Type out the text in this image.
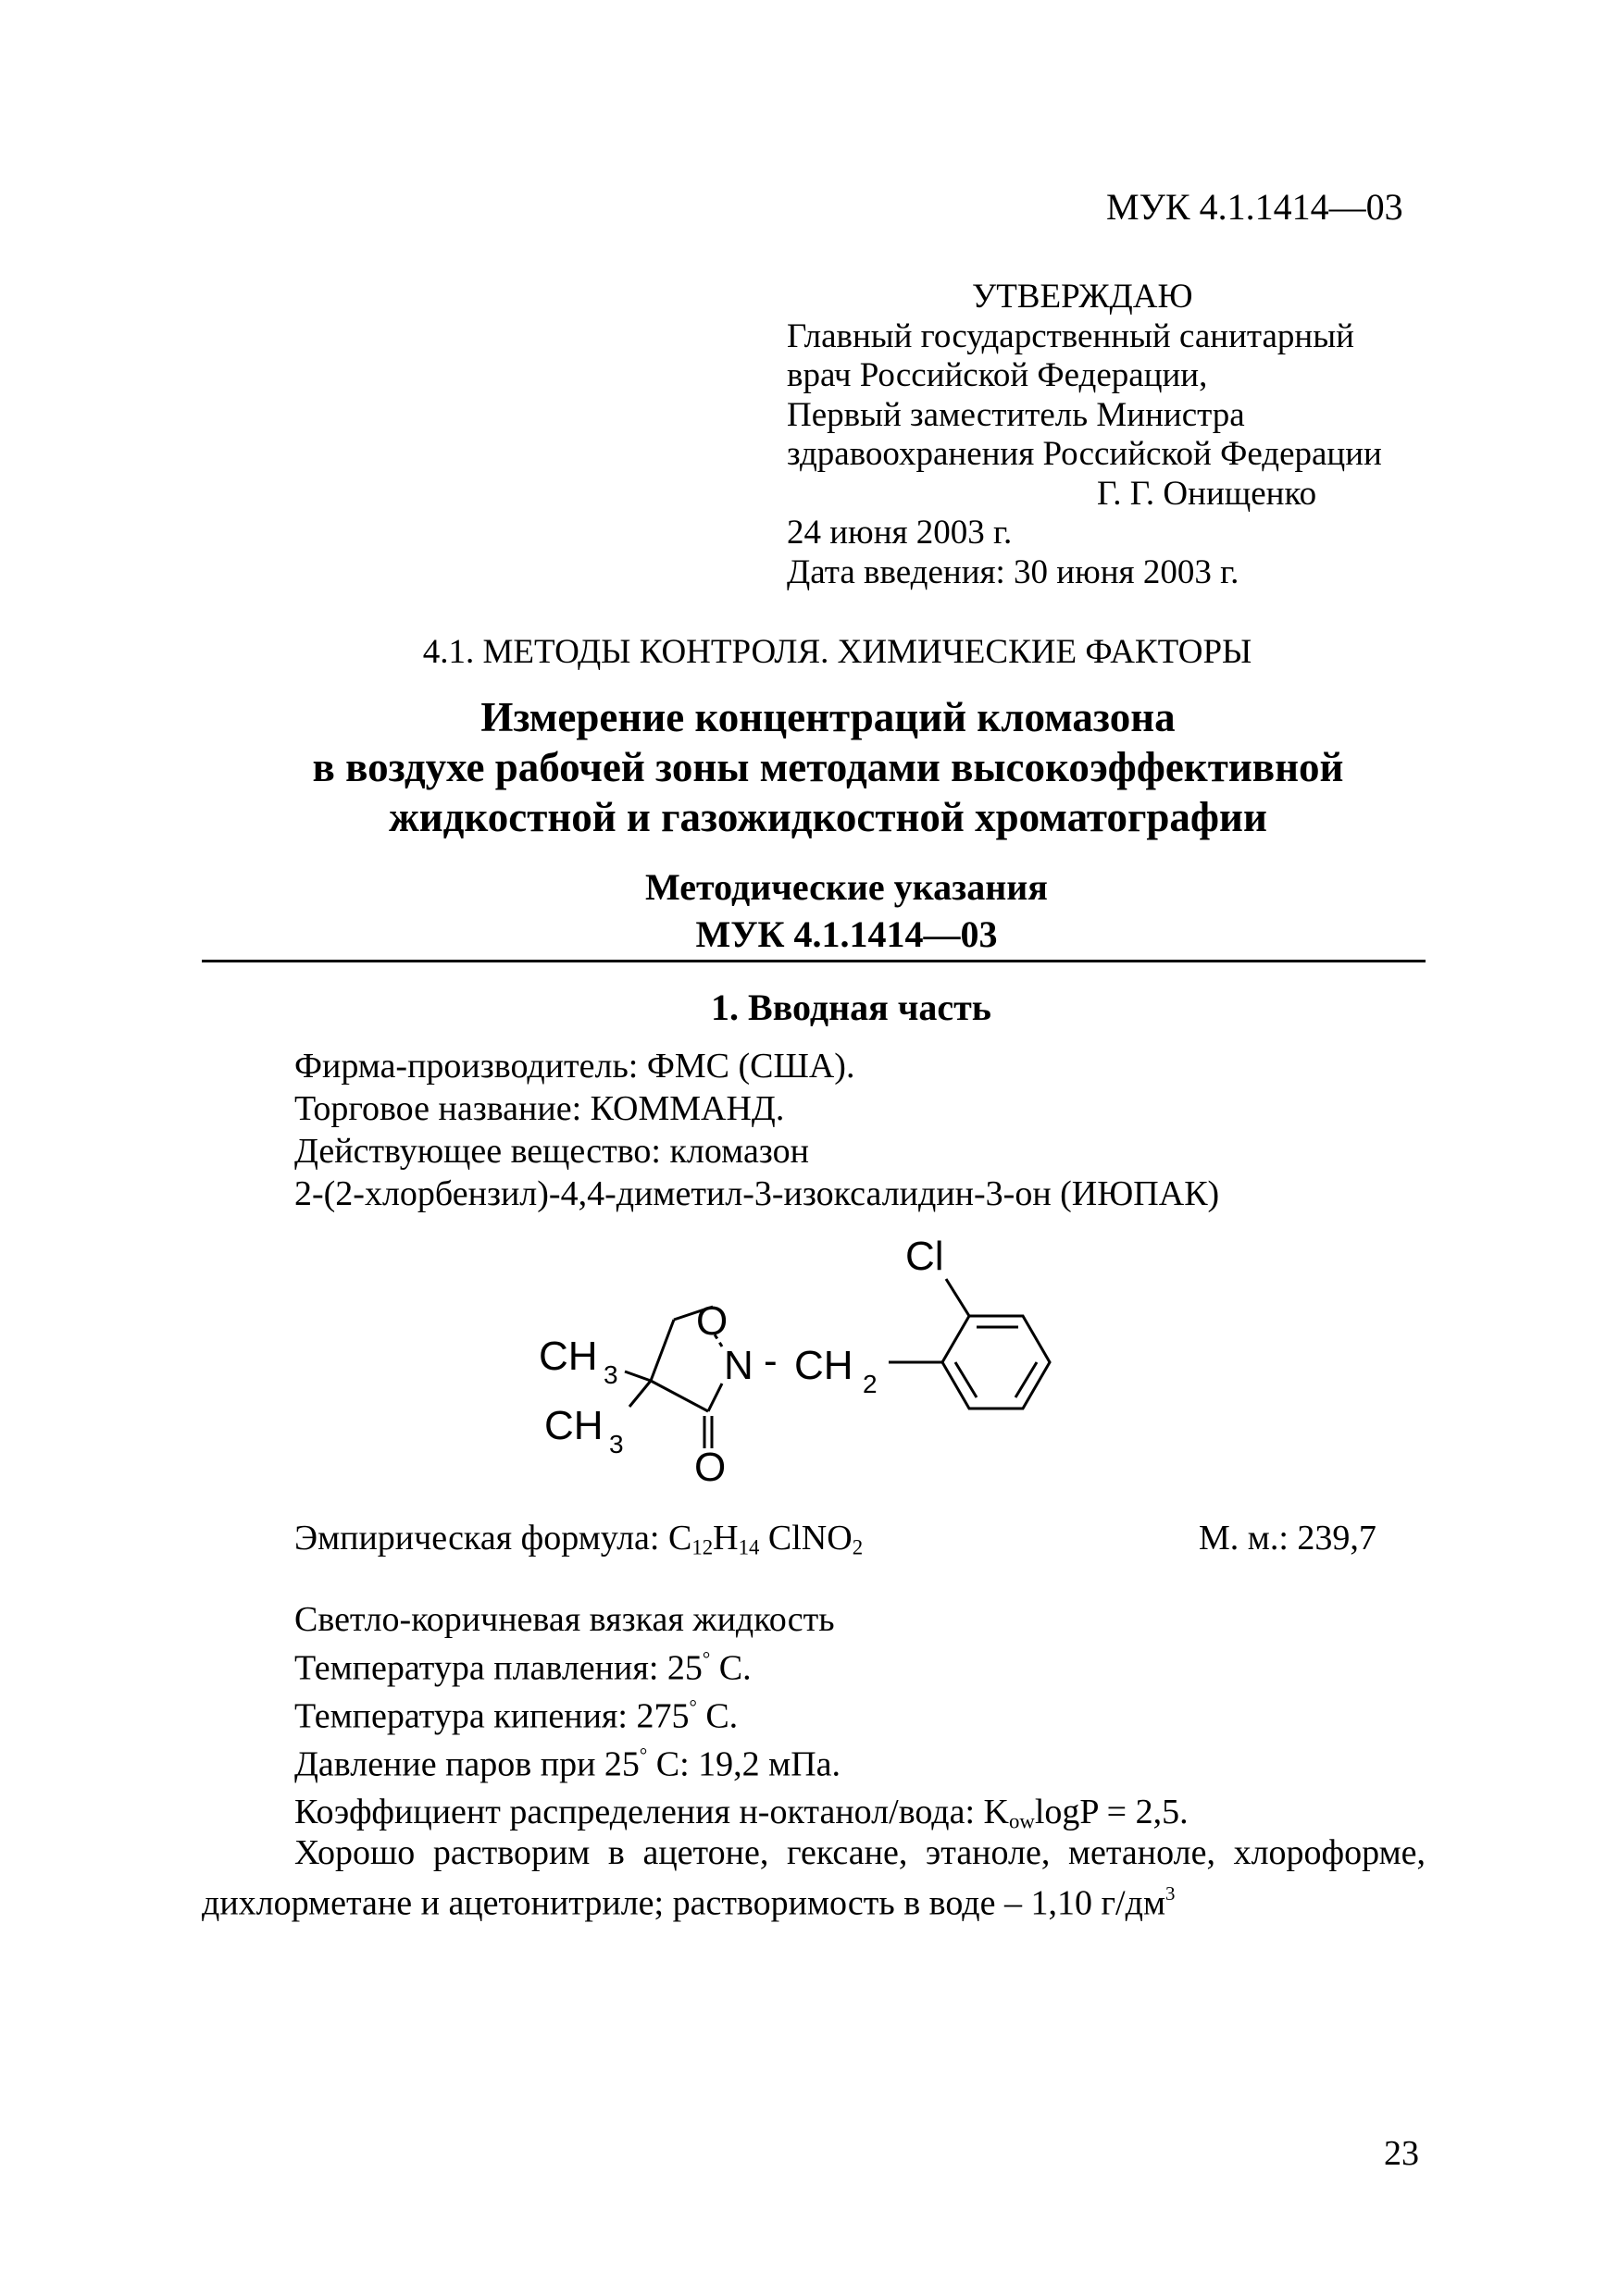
МУК 4.1.1414—03
УТВЕРЖДАЮ
Главный государственный санитарный
врач Российской Федерации,
Первый заместитель Министра
здравоохранения Российской Федерации
Г. Г. Онищенко
24 июня 2003 г.
Дата введения: 30 июня 2003 г.
4.1. МЕТОДЫ КОНТРОЛЯ. ХИМИЧЕСКИЕ ФАКТОРЫ
Измерение концентраций кломазона
в воздухе рабочей зоны методами высокоэффективной
жидкостной и газожидкостной хроматографии
Методические указания
МУК 4.1.1414—03
1. Вводная часть
Фирма-производитель: ФМС (США).
Торговое название: КОММАНД.
Действующее вещество: кломазон
2-(2-хлорбензил)-4,4-диметил-3-изоксалидин-3-он (ИЮПАК)
Cl
O
N - CH 2
CH 3
CH 3
O
Эмпирическая формула: $C_{12}H_{14}$ ClNO$_2$	М. м.: 239,7
Светло-коричневая вязкая жидкость
Температура плавления: 25° С.
Температура кипения: 275° С.
Давление паров при 25° С: 19,2 мПа.
Коэффициент распределения н-октанол/вода: $K_{ow}\log P = 2,5$.
Хорошо растворим в ацетоне, гексане, этаноле, метаноле, хлороформе, дихлорметане и ацетонитриле; растворимость в воде – 1,10 $г/дм^3$
23
